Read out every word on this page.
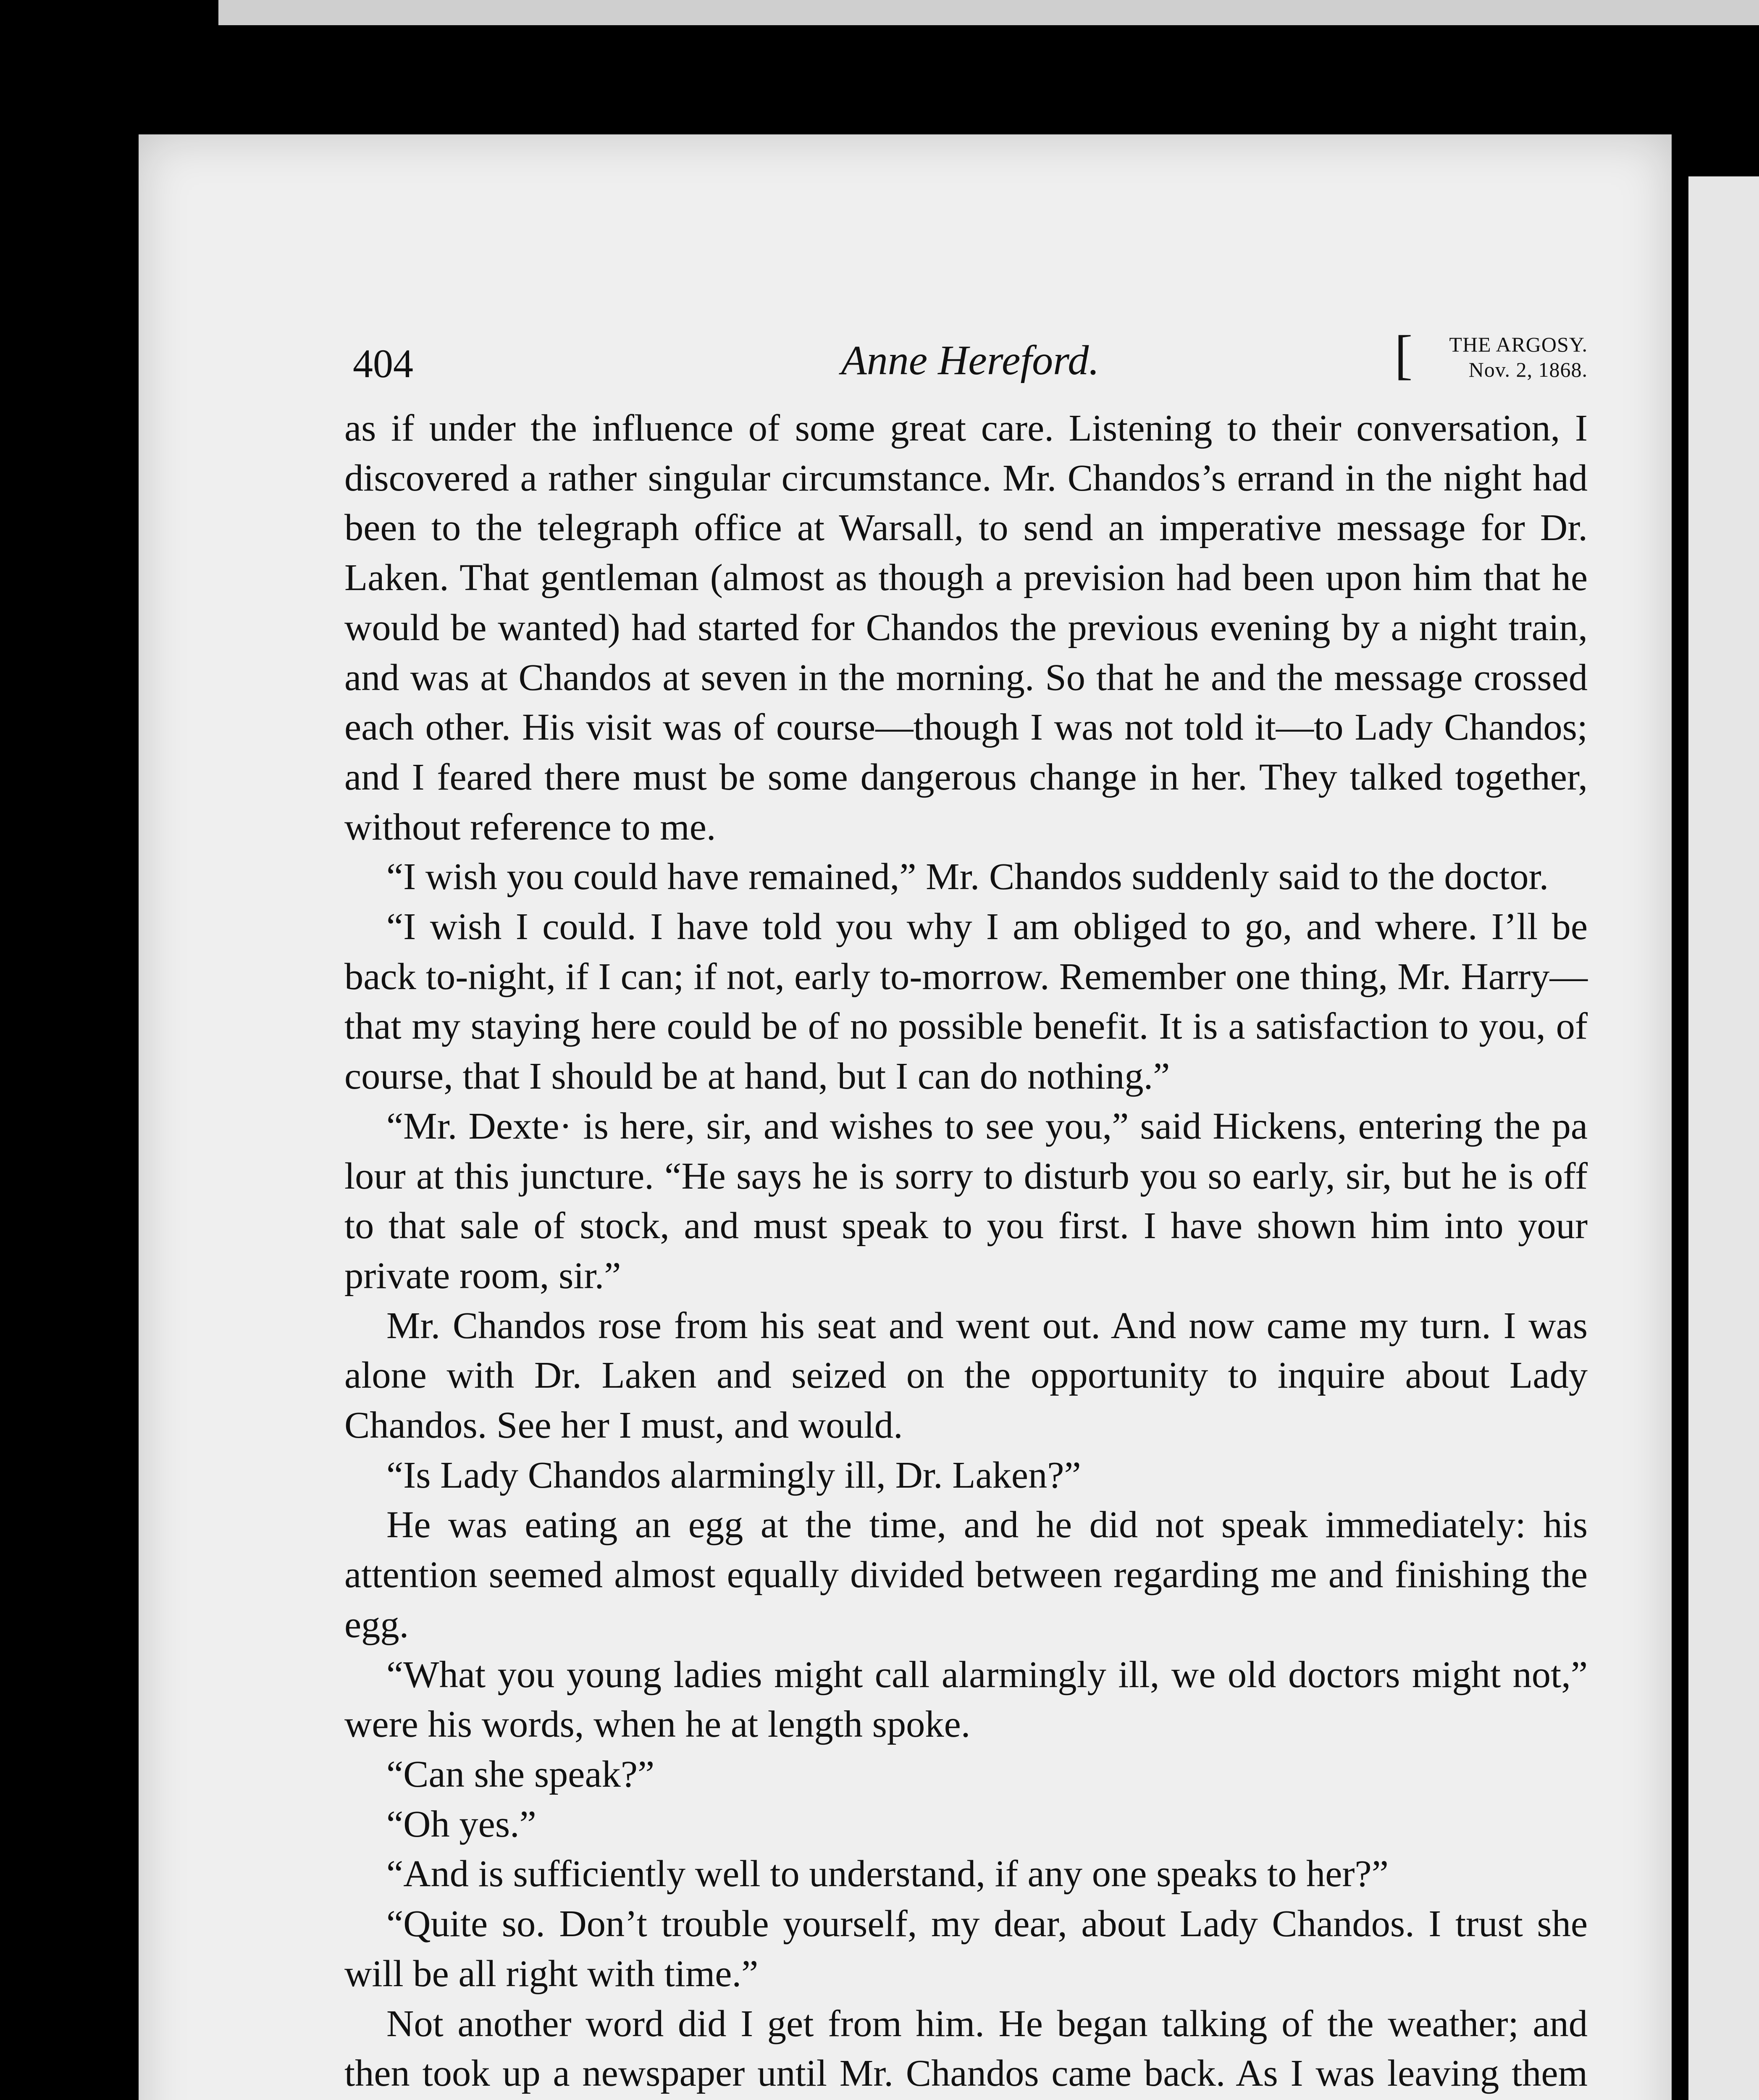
404	Anne Hereford.	[	THE ARGOSY.
Nov. 2, 1868.

as if under the influence of some great care. Listening to their conversation, I discovered a rather singular circumstance. Mr. Chandos’s errand in the night had been to the telegraph office at Warsall, to send an imperative message for Dr. Laken. That gentleman (almost as though a prevision had been upon him that he would be wanted) had started for Chandos the previous evening by a night train, and was at Chandos at seven in the morning. So that he and the message crossed each other. His visit was of course—though I was not told it—to Lady Chandos; and I feared there must be some dangerous change in her. They talked together, without reference to me.

“I wish you could have remained,” Mr. Chandos suddenly said to the doctor.

“I wish I could. I have told you why I am obliged to go, and where. I’ll be back to-night, if I can; if not, early to-morrow. Remember one thing, Mr. Harry—that my staying here could be of no possible benefit. It is a satisfaction to you, of course, that I should be at hand, but I can do nothing.”

“Mr. Dexte· is here, sir, and wishes to see you,” said Hickens, entering the pa lour at this juncture. “He says he is sorry to disturb you so early, sir, but he is off to that sale of stock, and must speak to you first. I have shown him into your private room, sir.”

Mr. Chandos rose from his seat and went out. And now came my turn. I was alone with Dr. Laken and seized on the opportunity to inquire about Lady Chandos. See her I must, and would.

“Is Lady Chandos alarmingly ill, Dr. Laken?”

He was eating an egg at the time, and he did not speak immediately: his attention seemed almost equally divided between regarding me and finishing the egg.

“What you young ladies might call alarmingly ill, we old doctors might not,” were his words, when he at length spoke.

“Can she speak?”

“Oh yes.”

“And is sufficiently well to understand, if any one speaks to her?”

“Quite so. Don’t trouble yourself, my dear, about Lady Chandos. I trust she will be all right with time.”

Not another word did I get from him. He began talking of the weather; and then took up a newspaper until Mr. Chandos came back. As I was leaving them
